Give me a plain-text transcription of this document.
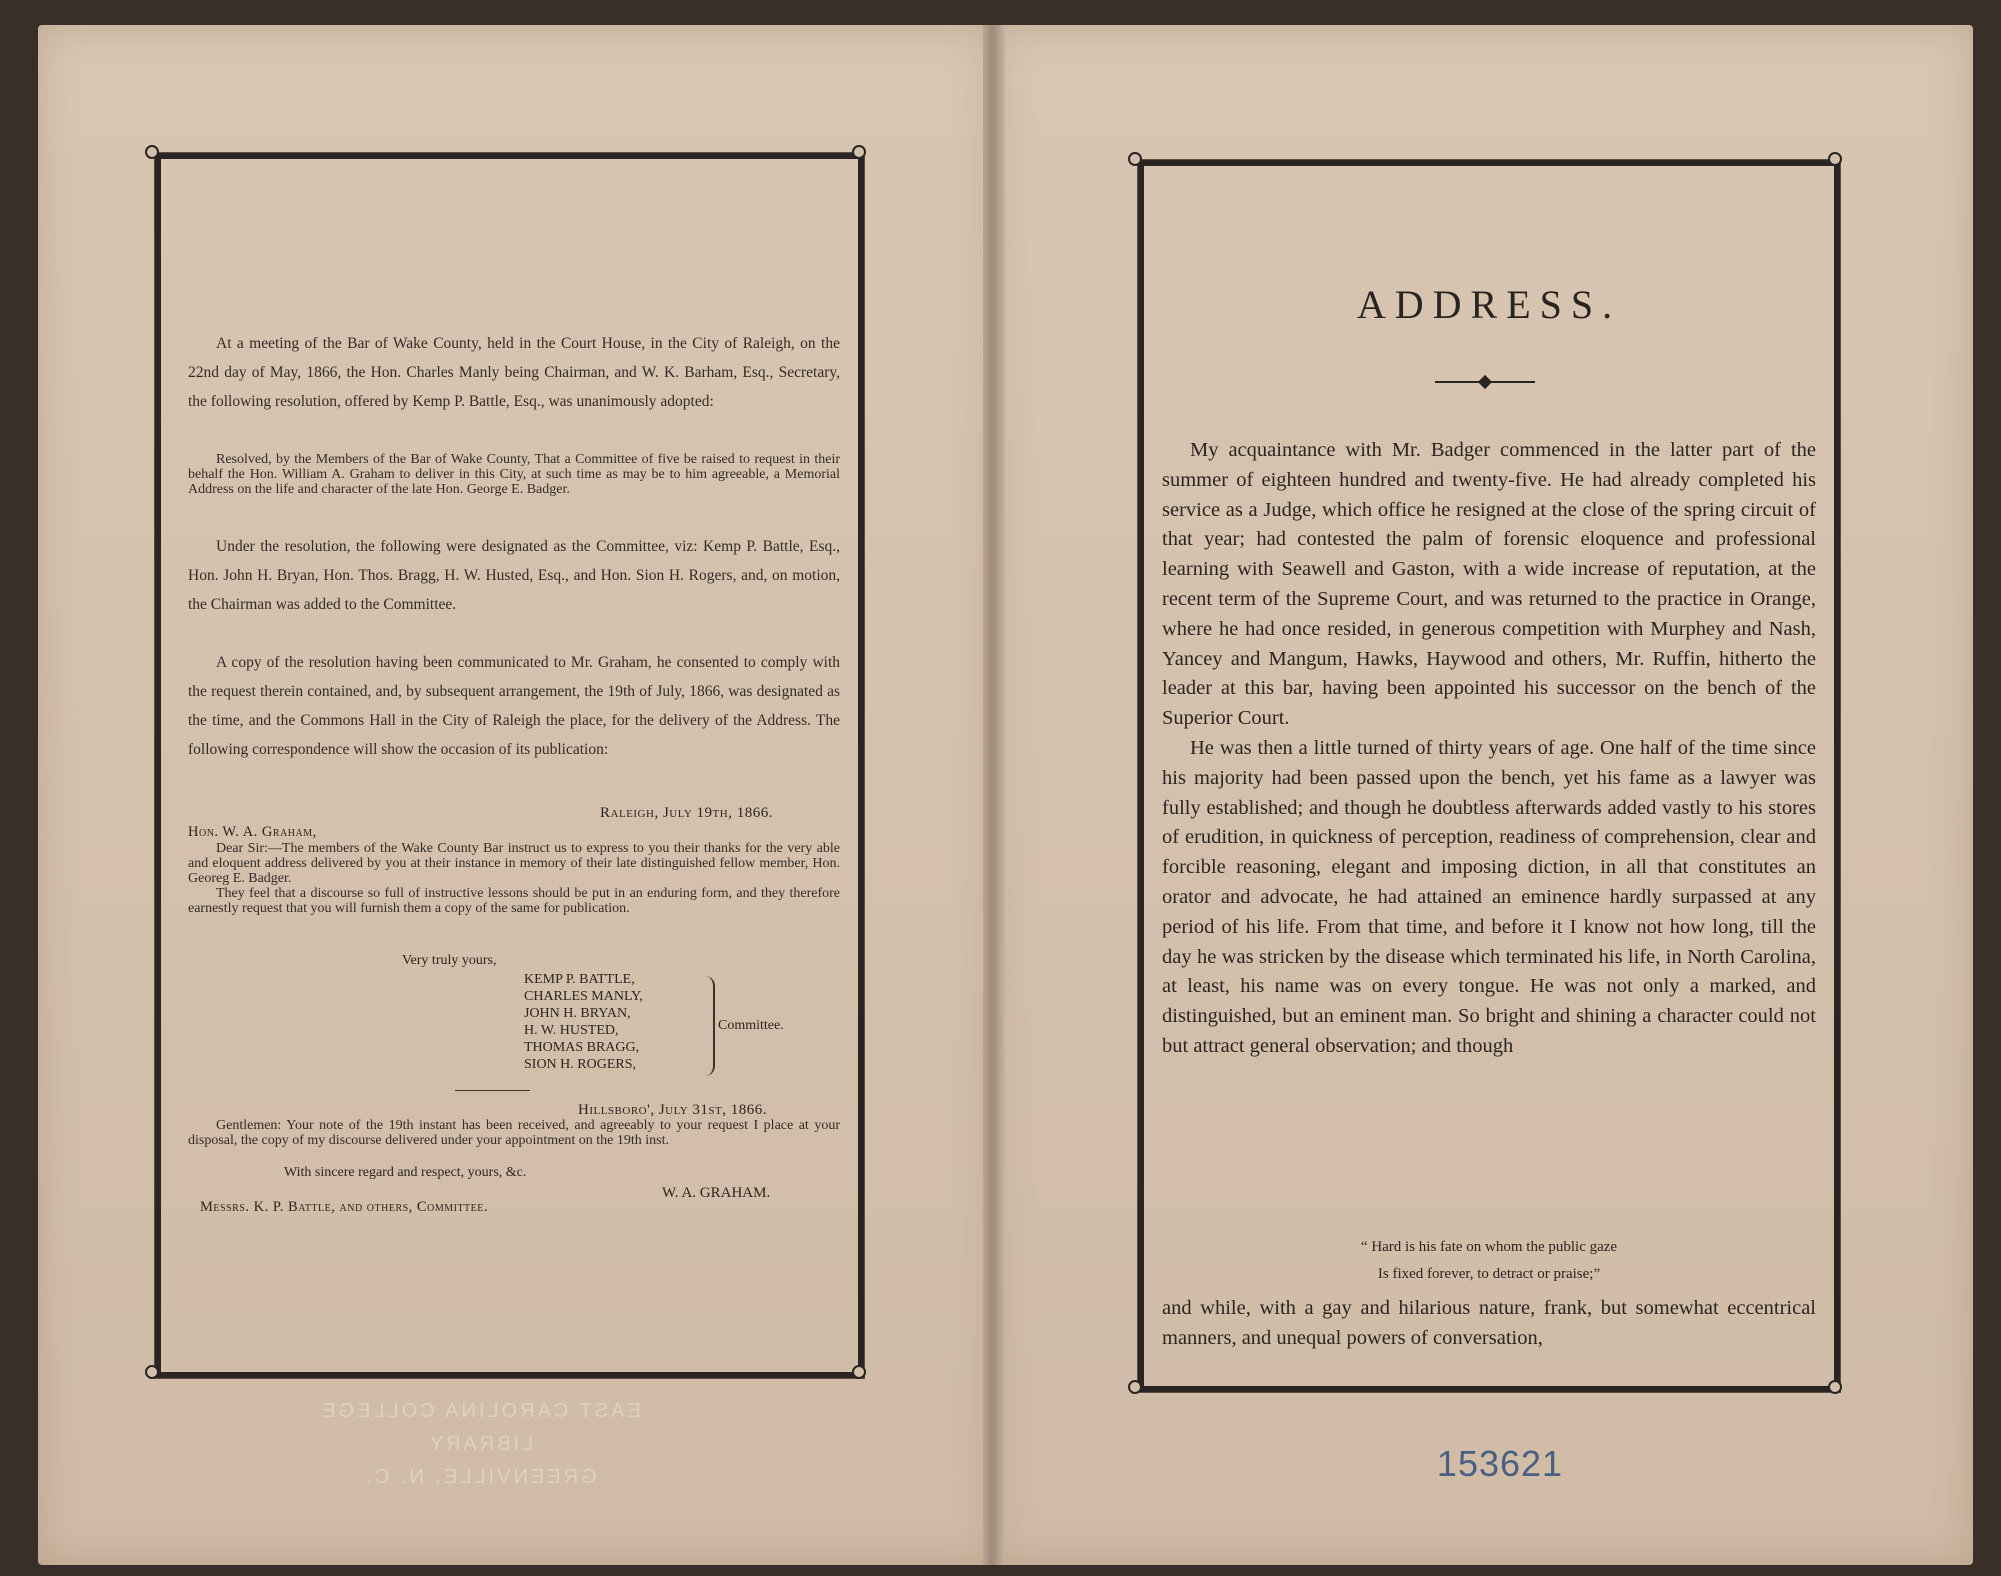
At a meeting of the Bar of Wake County, held in the Court House, in the City of Raleigh, on the 22nd day of May, 1866, the Hon. Charles Manly being Chairman, and W. K. Barham, Esq., Secretary, the following resolution, offered by Kemp P. Battle, Esq., was unanimously adopted:

Resolved, by the Members of the Bar of Wake County, That a Committee of five be raised to request in their behalf the Hon. William A. Graham to deliver in this City, at such time as may be to him agreeable, a Memorial Address on the life and character of the late Hon. George E. Badger.

Under the resolution, the following were designated as the Committee, viz: Kemp P. Battle, Esq., Hon. John H. Bryan, Hon. Thos. Bragg, H. W. Husted, Esq., and Hon. Sion H. Rogers, and, on motion, the Chairman was added to the Committee.

A copy of the resolution having been communicated to Mr. Graham, he consented to comply with the request therein contained, and, by subsequent arrangement, the 19th of July, 1866, was designated as the time, and the Commons Hall in the City of Raleigh the place, for the delivery of the Address. The following correspondence will show the occasion of its publication:

Raleigh, July 19th, 1866.
Hon. W. A. Graham,

Dear Sir:—The members of the Wake County Bar instruct us to express to you their thanks for the very able and eloquent address delivered by you at their instance in memory of their late distinguished fellow member, Hon. Georeg E. Badger.

They feel that a discourse so full of instructive lessons should be put in an enduring form, and they therefore earnestly request that you will furnish them a copy of the same for publication.

Very truly yours,
KEMP P. BATTLE,
CHARLES MANLY,
JOHN H. BRYAN,
H. W. HUSTED,
THOMAS BRAGG,
SION H. ROGERS,
Committee.
Hillsboro', July 31st, 1866.

Gentlemen: Your note of the 19th instant has been received, and agreeably to your request I place at your disposal, the copy of my discourse delivered under your appointment on the 19th inst.

With sincere regard and respect, yours, &c.
W. A. GRAHAM.
Messrs. K. P. Battle, and others, Committee.
EAST CAROLINA COLLEGE
LIBRARY
GREENVILLE, N. C.
ADDRESS.

My acquaintance with Mr. Badger commenced in the latter part of the summer of eighteen hundred and twenty-five. He had already completed his service as a Judge, which office he resigned at the close of the spring circuit of that year; had contested the palm of forensic eloquence and professional learning with Seawell and Gaston, with a wide increase of reputation, at the recent term of the Supreme Court, and was returned to the practice in Orange, where he had once resided, in generous competition with Murphey and Nash, Yancey and Mangum, Hawks, Haywood and others, Mr. Ruffin, hitherto the leader at this bar, having been appointed his successor on the bench of the Superior Court.

He was then a little turned of thirty years of age. One half of the time since his majority had been passed upon the bench, yet his fame as a lawyer was fully established; and though he doubtless afterwards added vastly to his stores of erudition, in quickness of perception, readiness of comprehension, clear and forcible reasoning, elegant and imposing diction, in all that constitutes an orator and advocate, he had attained an eminence hardly surpassed at any period of his life. From that time, and before it I know not how long, till the day he was stricken by the disease which terminated his life, in North Carolina, at least, his name was on every tongue. He was not only a marked, and distinguished, but an eminent man. So bright and shining a character could not but attract general observation; and though

“ Hard is his fate on whom the public gaze
Is fixed forever, to detract or praise;”

and while, with a gay and hilarious nature, frank, but somewhat eccentrical manners, and unequal powers of conversation,

153621
